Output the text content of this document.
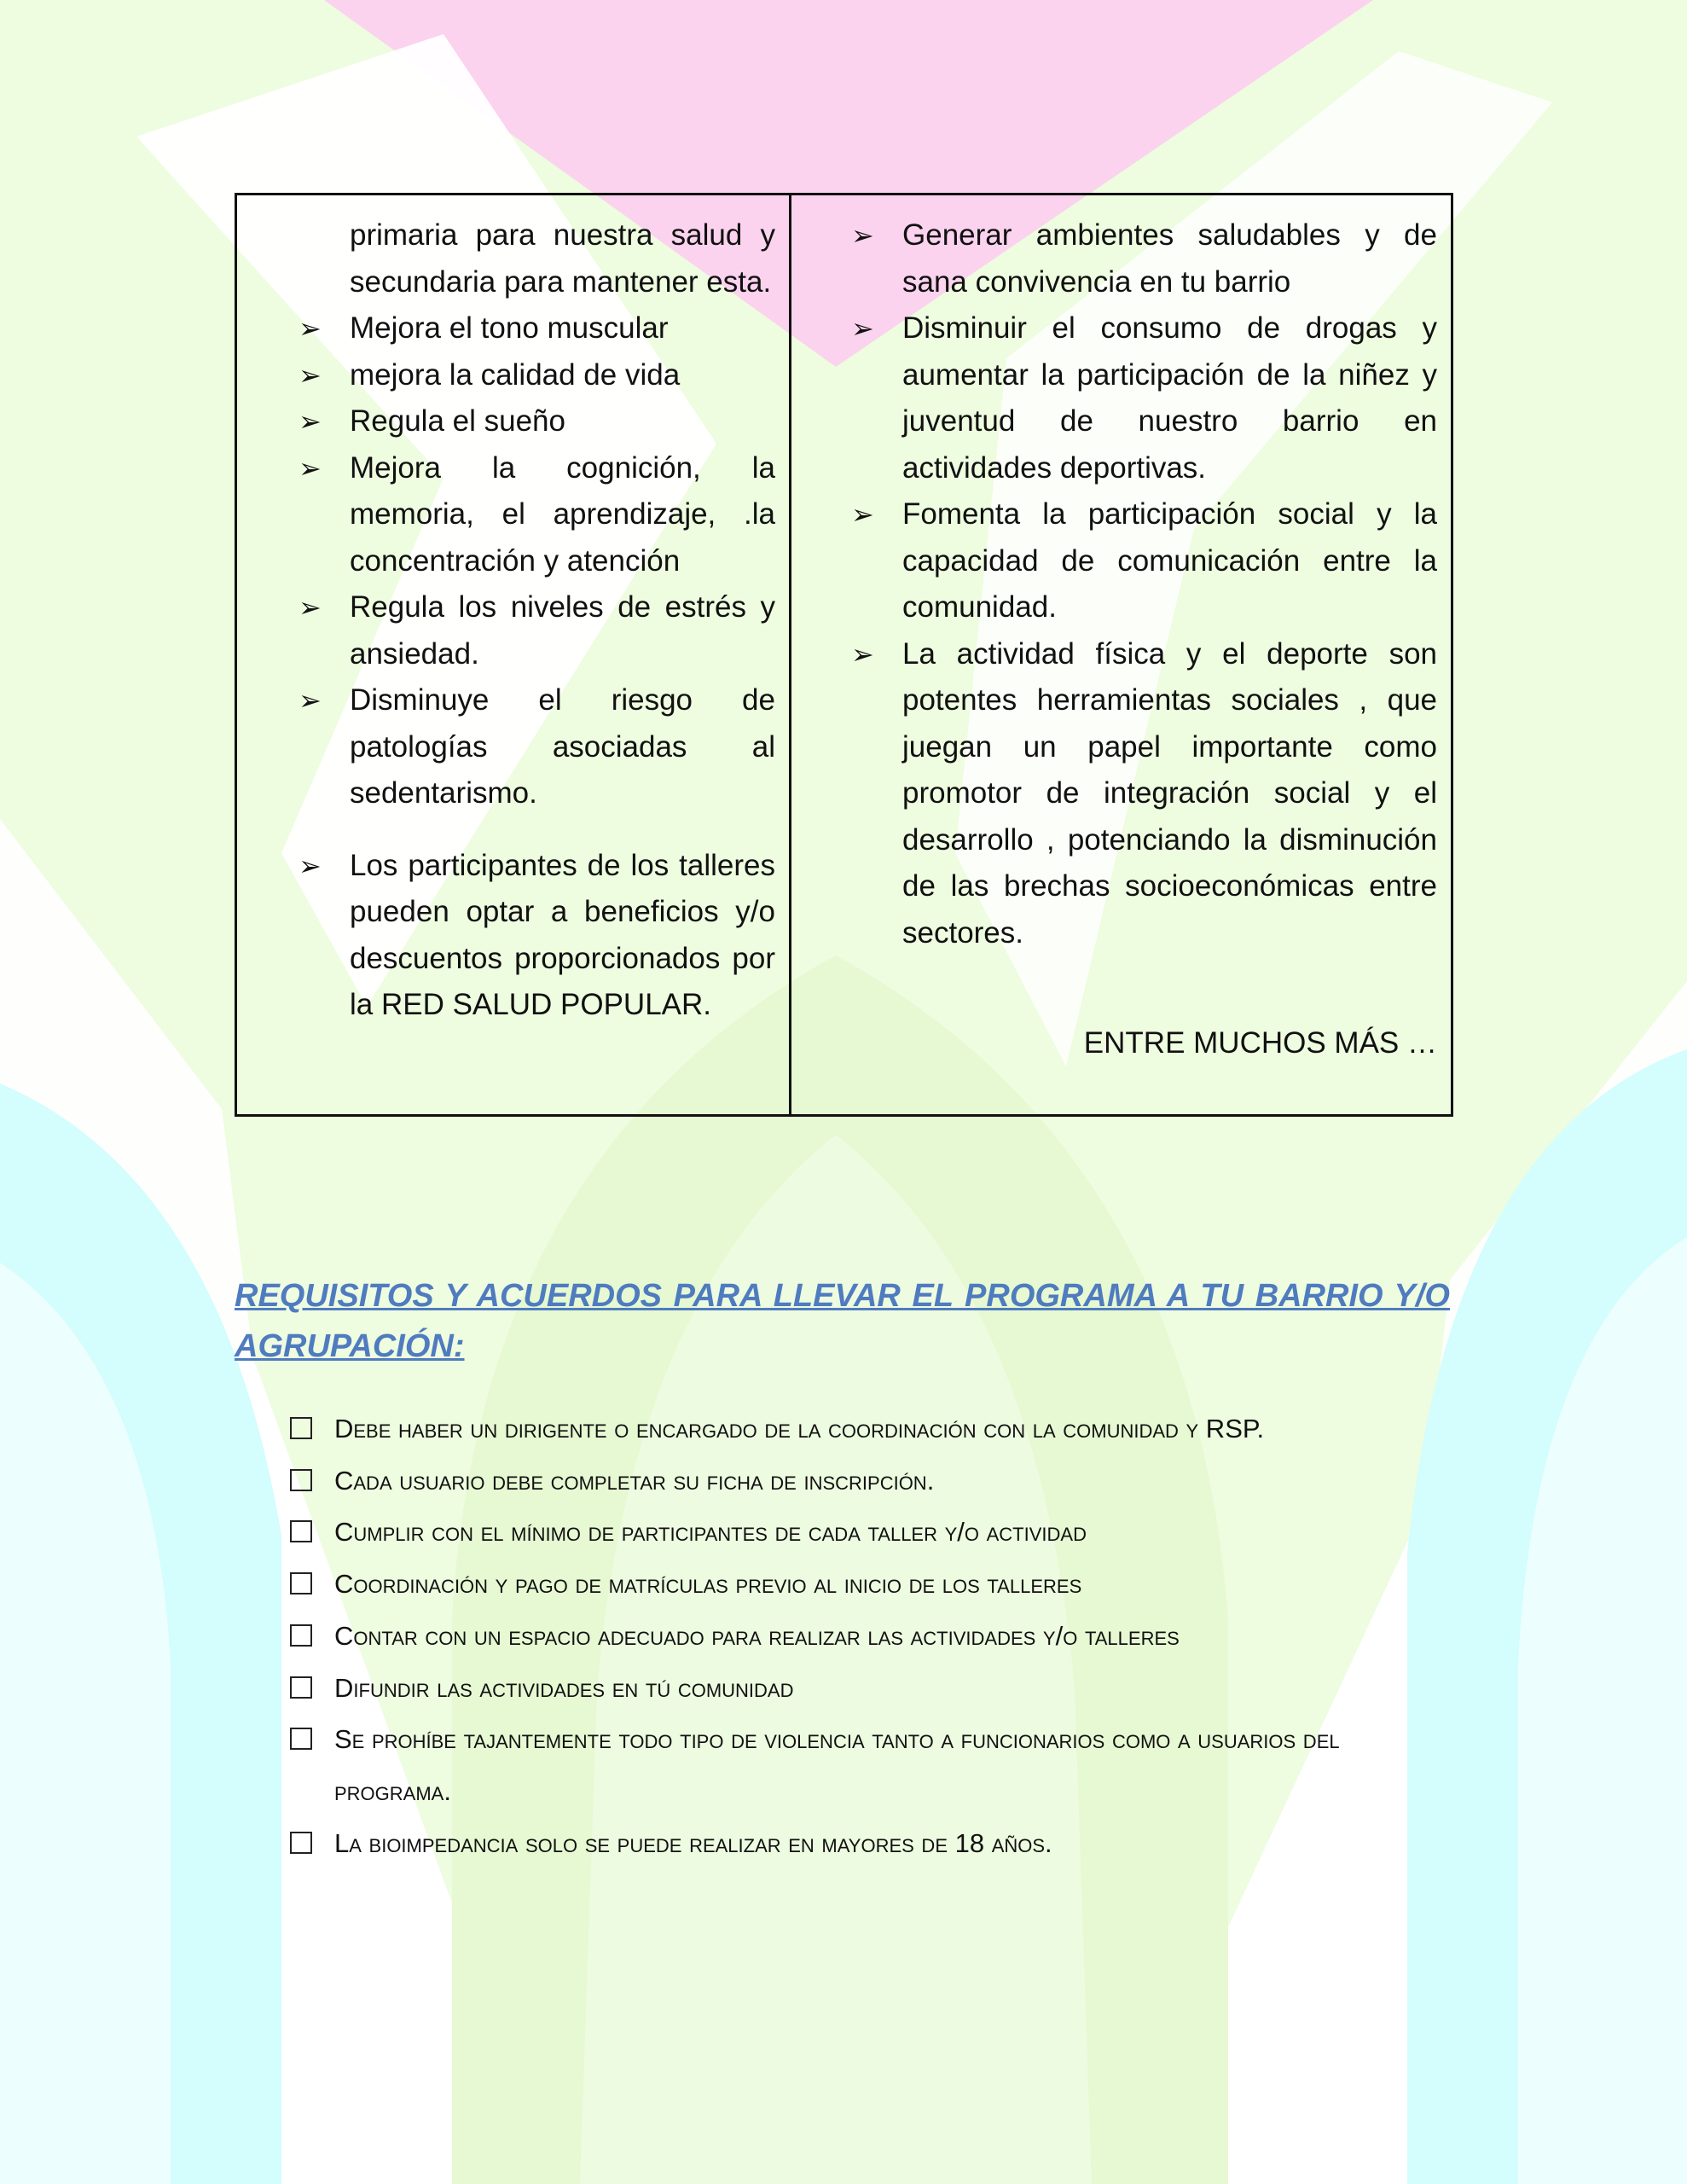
primaria para nuestra salud y secundaria para mantener esta.

➢ Mejora el tono muscular
➢ mejora la calidad de vida
➢ Regula el sueño
➢ Mejora la cognición, la memoria, el aprendizaje, .la concentración y atención
➢ Regula los niveles de estrés y ansiedad.
➢ Disminuye el riesgo de patologías asociadas al sedentarismo.
➢ Los participantes de los talleres pueden optar a beneficios y/o descuentos proporcionados por la RED SALUD POPULAR.
➢ Generar ambientes saludables y de sana convivencia en tu barrio
➢ Disminuir el consumo de drogas y aumentar la participación de la niñez y juventud de nuestro barrio en actividades deportivas.
➢ Fomenta la participación social y la capacidad de comunicación entre la comunidad.
➢ La actividad física y el deporte son potentes herramientas sociales , que juegan un papel importante como promotor de integración social y el desarrollo , potenciando la disminución de las brechas socioeconómicas entre sectores.
ENTRE MUCHOS MÁS …
REQUISITOS Y ACUERDOS PARA LLEVAR EL PROGRAMA A TU BARRIO Y/O AGRUPACIÓN:
Debe haber un dirigente o encargado de la coordinación con la comunidad y RSP.
Cada usuario debe completar su ficha de inscripción.
Cumplir con el mínimo de participantes de cada taller y/o actividad
Coordinación y pago de matrículas previo al inicio de los talleres
Contar con un espacio adecuado para realizar las actividades y/o talleres
Difundir las actividades en tú comunidad
Se prohíbe tajantemente todo tipo de violencia tanto a funcionarios como a usuarios del programa.
La bioimpedancia solo se puede realizar en mayores de 18 años.
